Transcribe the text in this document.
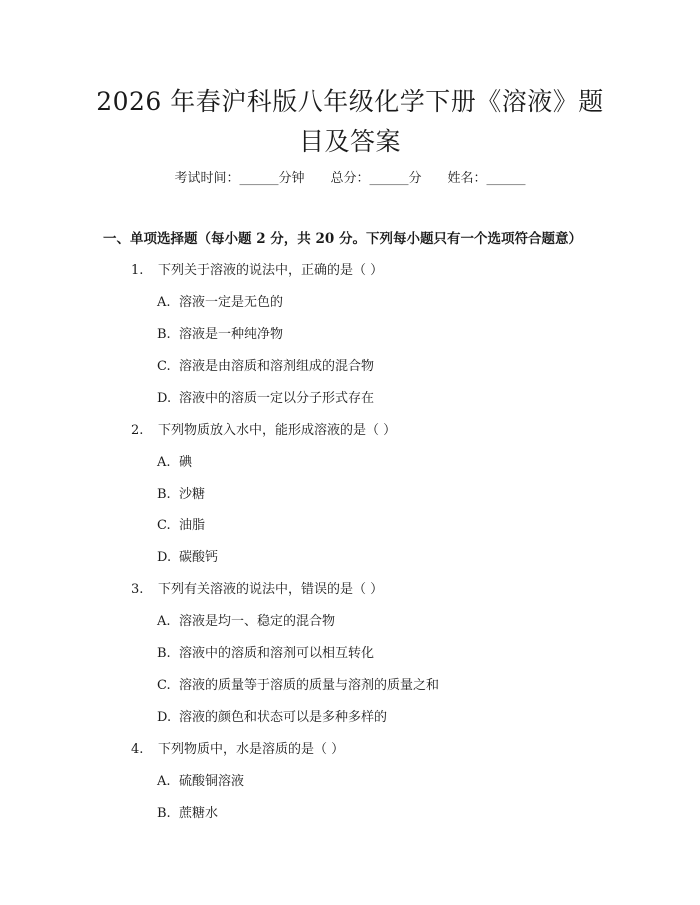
2026 年春沪科版八年级化学下册《溶液》题
目及答案
考试时间：______分钟 总分：______分 姓名：______
一、单项选择题（每小题 2 分，共 20 分。下列每小题只有一个选项符合题意）
1. 下列关于溶液的说法中，正确的是（ ）
A. 溶液一定是无色的
B. 溶液是一种纯净物
C. 溶液是由溶质和溶剂组成的混合物
D. 溶液中的溶质一定以分子形式存在
2. 下列物质放入水中，能形成溶液的是（ ）
A. 碘
B. 沙糖
C. 油脂
D. 碳酸钙
3. 下列有关溶液的说法中，错误的是（ ）
A. 溶液是均一、稳定的混合物
B. 溶液中的溶质和溶剂可以相互转化
C. 溶液的质量等于溶质的质量与溶剂的质量之和
D. 溶液的颜色和状态可以是多种多样的
4. 下列物质中，水是溶质的是（ ）
A. 硫酸铜溶液
B. 蔗糖水
